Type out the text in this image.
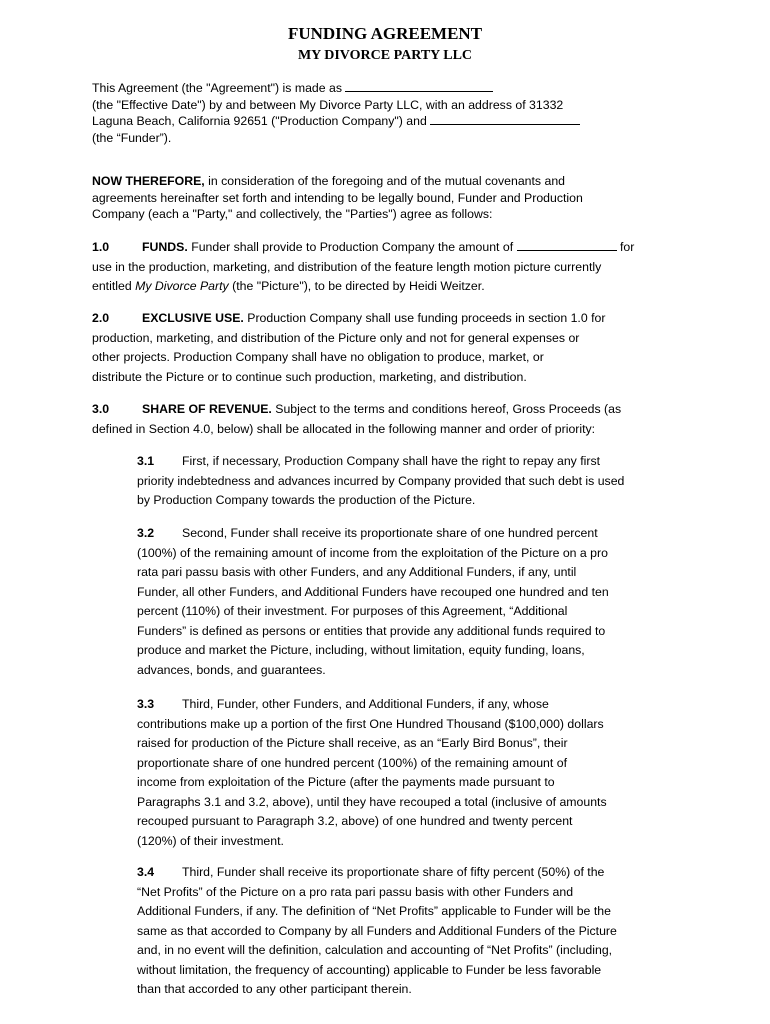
FUNDING AGREEMENT
MY DIVORCE PARTY LLC
This Agreement (the "Agreement") is made as
(the "Effective Date") by and between My Divorce Party LLC, with an address of 31332
Laguna Beach, California 92651 ("Production Company") and
(the “Funder”).
NOW THEREFORE, in consideration of the foregoing and of the mutual covenants and
agreements hereinafter set forth and intending to be legally bound, Funder and Production
Company (each a "Party," and collectively, the "Parties") agree as follows:
1.0	FUNDS. Funder shall provide to Production Company the amount of	for
use in the production, marketing, and distribution of the feature length motion picture currently
entitled My Divorce Party (the "Picture"), to be directed by Heidi Weitzer.
2.0	EXCLUSIVE USE. Production Company shall use funding proceeds in section 1.0 for
production, marketing, and distribution of the Picture only and not for general expenses or
other projects. Production Company shall have no obligation to produce, market, or
distribute the Picture or to continue such production, marketing, and distribution.
3.0	SHARE OF REVENUE. Subject to the terms and conditions hereof, Gross Proceeds (as
defined in Section 4.0, below) shall be allocated in the following manner and order of priority:
3.1 First, if necessary, Production Company shall have the right to repay any first
priority indebtedness and advances incurred by Company provided that such debt is used
by Production Company towards the production of the Picture.
3.2 Second, Funder shall receive its proportionate share of one hundred percent
(100%) of the remaining amount of income from the exploitation of the Picture on a pro
rata pari passu basis with other Funders, and any Additional Funders, if any, until
Funder, all other Funders, and Additional Funders have recouped one hundred and ten
percent (110%) of their investment. For purposes of this Agreement, “Additional
Funders” is defined as persons or entities that provide any additional funds required to
produce and market the Picture, including, without limitation, equity funding, loans,
advances, bonds, and guarantees.
3.3 Third, Funder, other Funders, and Additional Funders, if any, whose
contributions make up a portion of the first One Hundred Thousand ($100,000) dollars
raised for production of the Picture shall receive, as an “Early Bird Bonus”, their
proportionate share of one hundred percent (100%) of the remaining amount of
income from exploitation of the Picture (after the payments made pursuant to
Paragraphs 3.1 and 3.2, above), until they have recouped a total (inclusive of amounts
recouped pursuant to Paragraph 3.2, above) of one hundred and twenty percent
(120%) of their investment.
3.4 Third, Funder shall receive its proportionate share of fifty percent (50%) of the
“Net Profits” of the Picture on a pro rata pari passu basis with other Funders and
Additional Funders, if any. The definition of “Net Profits” applicable to Funder will be the
same as that accorded to Company by all Funders and Additional Funders of the Picture
and, in no event will the definition, calculation and accounting of “Net Profits” (including,
without limitation, the frequency of accounting) applicable to Funder be less favorable
than that accorded to any other participant therein.
